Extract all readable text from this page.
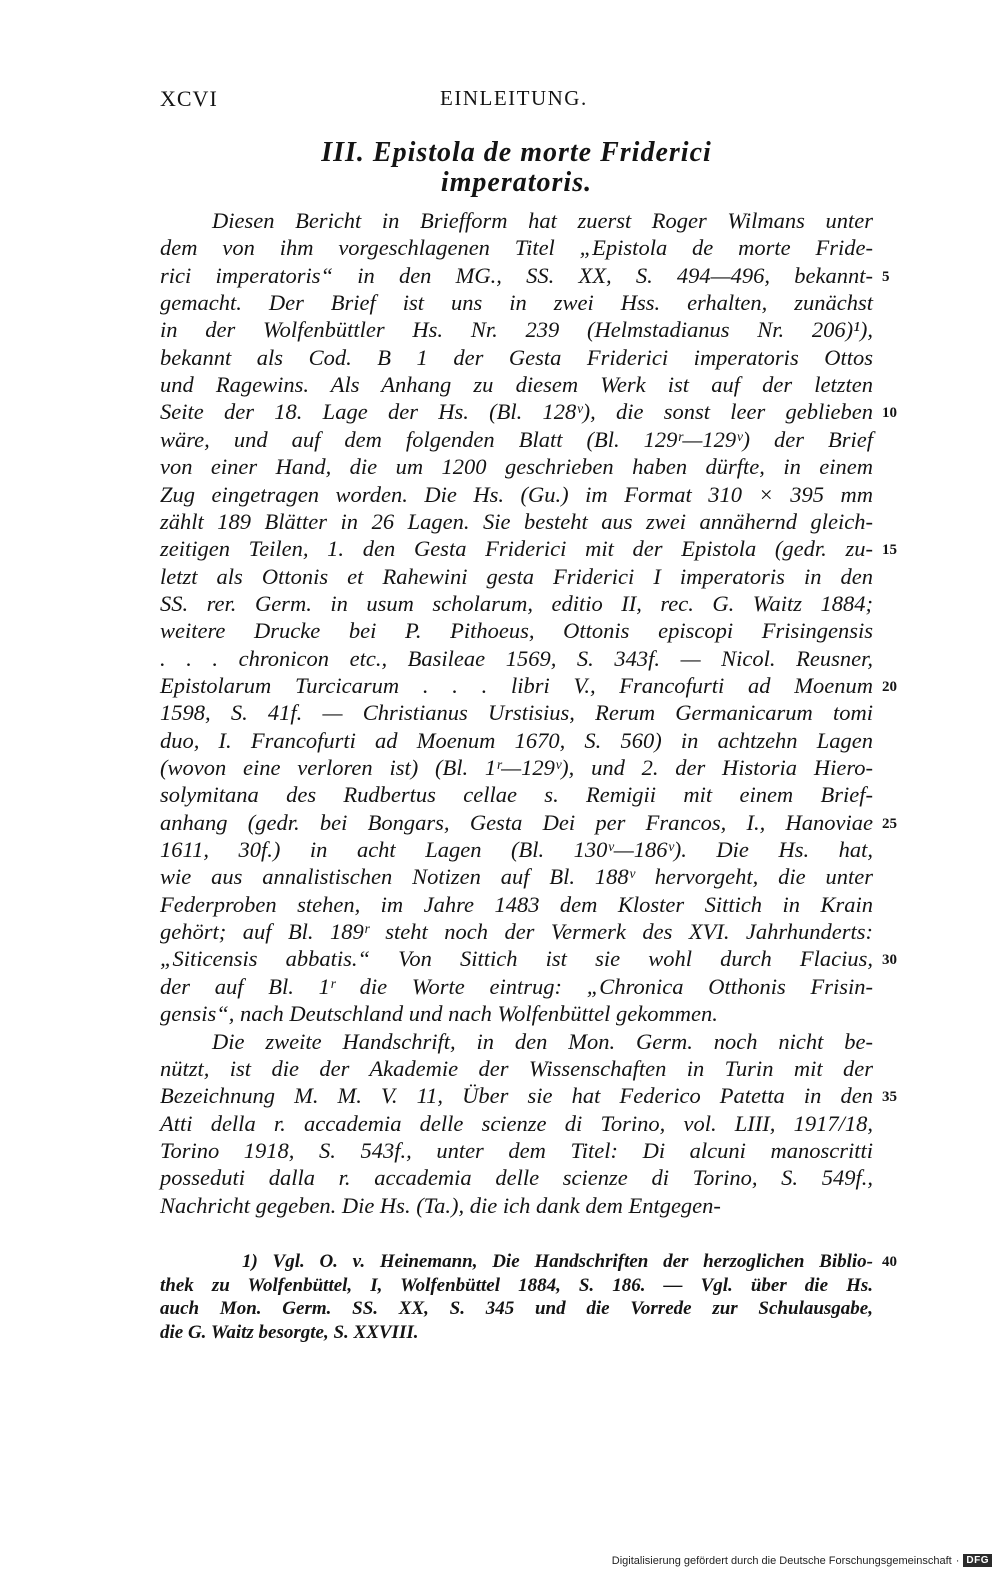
XCVI	EINLEITUNG.
III. Epistola de morte Friderici
imperatoris.
Diesen Bericht in Briefform hat zuerst Roger Wilmans unter
dem von ihm vorgeschlagenen Titel „Epistola de morte Fride-
rici imperatoris“ in den MG., SS. XX, S. 494—496, bekannt-
gemacht. Der Brief ist uns in zwei Hss. erhalten, zunächst
in der Wolfenbüttler Hs. Nr. 239 (Helmstadianus Nr. 206)¹),
bekannt als Cod. B 1 der Gesta Friderici imperatoris Ottos
und Ragewins. Als Anhang zu diesem Werk ist auf der letzten
Seite der 18. Lage der Hs. (Bl. 128ᵛ), die sonst leer geblieben
wäre, und auf dem folgenden Blatt (Bl. 129ʳ—129ᵛ) der Brief
von einer Hand, die um 1200 geschrieben haben dürfte, in einem
Zug eingetragen worden. Die Hs. (Gu.) im Format 310 × 395 mm
zählt 189 Blätter in 26 Lagen. Sie besteht aus zwei annähernd gleich-
zeitigen Teilen, 1. den Gesta Friderici mit der Epistola (gedr. zu-
letzt als Ottonis et Rahewini gesta Friderici I imperatoris in den
SS. rer. Germ. in usum scholarum, editio II, rec. G. Waitz 1884;
weitere Drucke bei P. Pithoeus, Ottonis episcopi Frisingensis
. . . chronicon etc., Basileae 1569, S. 343f. — Nicol. Reusner,
Epistolarum Turcicarum . . . libri V., Francofurti ad Moenum
1598, S. 41f. — Christianus Urstisius, Rerum Germanicarum tomi
duo, I. Francofurti ad Moenum 1670, S. 560) in achtzehn Lagen
(wovon eine verloren ist) (Bl. 1ʳ—129ᵛ), und 2. der Historia Hiero-
solymitana des Rudbertus cellae s. Remigii mit einem Brief-
anhang (gedr. bei Bongars, Gesta Dei per Francos, I., Hanoviae
1611, 30f.) in acht Lagen (Bl. 130ᵛ—186ᵛ). Die Hs. hat,
wie aus annalistischen Notizen auf Bl. 188ᵛ hervorgeht, die unter
Federproben stehen, im Jahre 1483 dem Kloster Sittich in Krain
gehört; auf Bl. 189ʳ steht noch der Vermerk des XVI. Jahrhunderts:
„Siticensis abbatis.“ Von Sittich ist sie wohl durch Flacius,
der auf Bl. 1ʳ die Worte eintrug: „Chronica Otthonis Frisin-
gensis“, nach Deutschland und nach Wolfenbüttel gekommen.
Die zweite Handschrift, in den Mon. Germ. noch nicht be-
nützt, ist die der Akademie der Wissenschaften in Turin mit der
Bezeichnung M. M. V. 11, Über sie hat Federico Patetta in den
Atti della r. accademia delle scienze di Torino, vol. LIII, 1917/18,
Torino 1918, S. 543f., unter dem Titel: Di alcuni manoscritti
posseduti dalla r. accademia delle scienze di Torino, S. 549f.,
Nachricht gegeben. Die Hs. (Ta.), die ich dank dem Entgegen-
1) Vgl. O. v. Heinemann, Die Handschriften der herzoglichen Biblio-
thek zu Wolfenbüttel, I, Wolfenbüttel 1884, S. 186. — Vgl. über die Hs.
auch Mon. Germ. SS. XX, S. 345 und die Vorrede zur Schulausgabe,
die G. Waitz besorgte, S. XXVIII.
5
10
15
20
25
30
35
40
Digitalisierung gefördert durch die Deutsche Forschungsgemeinschaft · DFG
